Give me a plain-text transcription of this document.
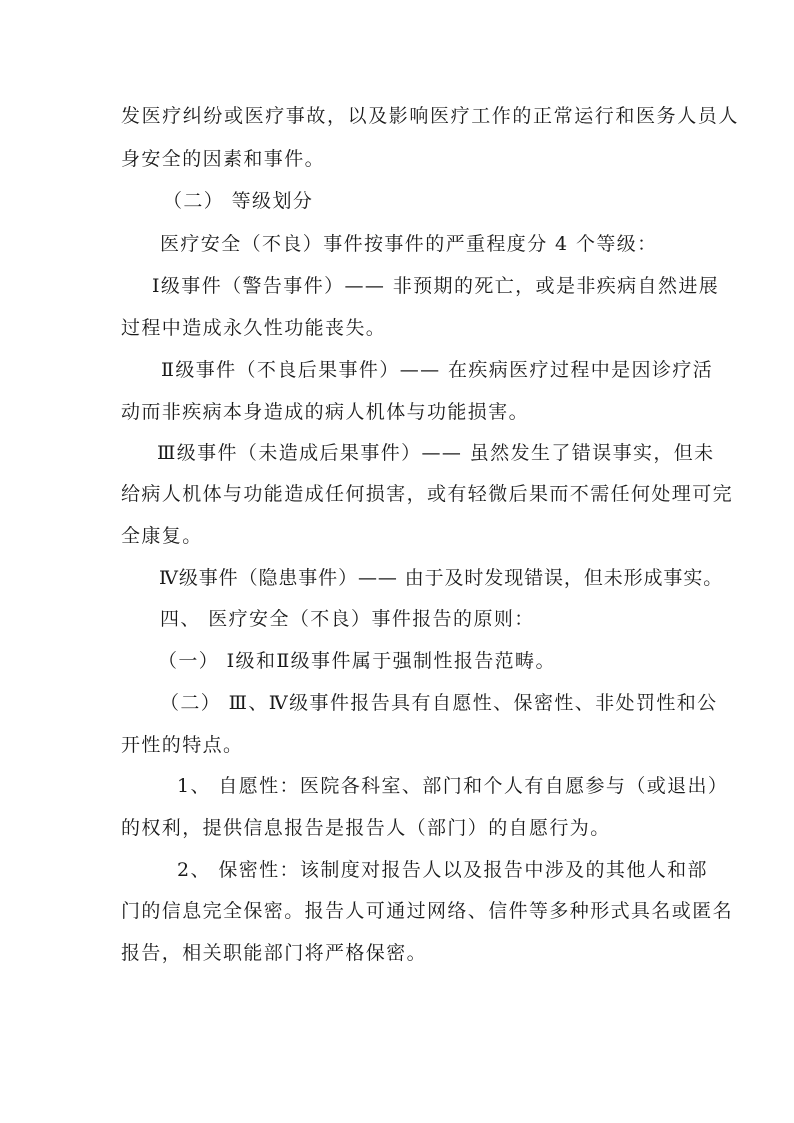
发医疗纠纷或医疗事故，以及影响医疗工作的正常运行和医务人员人
身安全的因素和事件。
（二） 等级划分
医疗安全（不良）事件按事件的严重程度分 4 个等级：
Ⅰ级事件（警告事件）—— 非预期的死亡，或是非疾病自然进展
过程中造成永久性功能丧失。
Ⅱ级事件（不良后果事件）—— 在疾病医疗过程中是因诊疗活
动而非疾病本身造成的病人机体与功能损害。
Ⅲ级事件（未造成后果事件）—— 虽然发生了错误事实，但未
给病人机体与功能造成任何损害，或有轻微后果而不需任何处理可完
全康复。
Ⅳ级事件（隐患事件）—— 由于及时发现错误，但未形成事实。
四、 医疗安全（不良）事件报告的原则：
（一） Ⅰ级和Ⅱ级事件属于强制性报告范畴。
（二） Ⅲ、Ⅳ级事件报告具有自愿性、保密性、非处罚性和公
开性的特点。
1、 自愿性：医院各科室、部门和个人有自愿参与（或退出）
的权利，提供信息报告是报告人（部门）的自愿行为。
2、 保密性：该制度对报告人以及报告中涉及的其他人和部
门的信息完全保密。报告人可通过网络、信件等多种形式具名或匿名
报告，相关职能部门将严格保密。
